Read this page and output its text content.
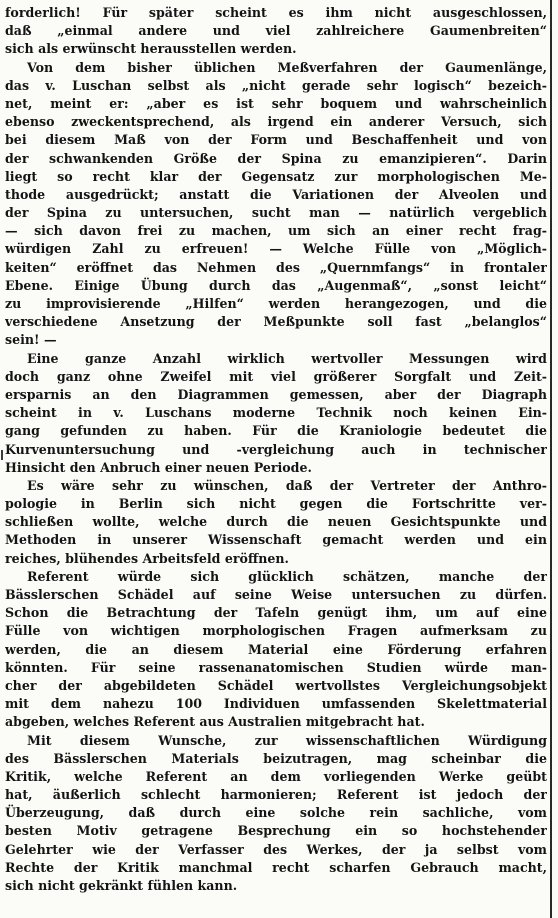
forderlich! Für später scheint es ihm nicht ausgeschlossen,
daß „einmal andere und viel zahlreichere Gaumenbreiten“
sich als erwünscht herausstellen werden.
Von dem bisher üblichen Meßverfahren der Gaumenlänge,
das v. Luschan selbst als „nicht gerade sehr logisch“ bezeich-
net, meint er: „aber es ist sehr boquem und wahrscheinlich
ebenso zweckentsprechend, als irgend ein anderer Versuch, sich
bei diesem Maß von der Form und Beschaffenheit und von
der schwankenden Größe der Spina zu emanzipieren“. Darin
liegt so recht klar der Gegensatz zur morphologischen Me-
thode ausgedrückt; anstatt die Variationen der Alveolen und
der Spina zu untersuchen, sucht man — natürlich vergeblich
— sich davon frei zu machen, um sich an einer recht frag-
würdigen Zahl zu erfreuen! — Welche Fülle von „Möglich-
keiten“ eröffnet das Nehmen des „Quernmfangs“ in frontaler
Ebene. Einige Übung durch das „Augenmaß“, „sonst leicht“
zu improvisierende „Hilfen“ werden herangezogen, und die
verschiedene Ansetzung der Meßpunkte soll fast „belanglos“
sein! —
Eine ganze Anzahl wirklich wertvoller Messungen wird
doch ganz ohne Zweifel mit viel größerer Sorgfalt und Zeit-
ersparnis an den Diagrammen gemessen, aber der Diagraph
scheint in v. Luschans moderne Technik noch keinen Ein-
gang gefunden zu haben. Für die Kraniologie bedeutet die
Kurvenuntersuchung und -vergleichung auch in technischer
Hinsicht den Anbruch einer neuen Periode.
Es wäre sehr zu wünschen, daß der Vertreter der Anthro-
pologie in Berlin sich nicht gegen die Fortschritte ver-
schließen wollte, welche durch die neuen Gesichtspunkte und
Methoden in unserer Wissenschaft gemacht werden und ein
reiches, blühendes Arbeitsfeld eröffnen.
Referent würde sich glücklich schätzen, manche der
Bässlerschen Schädel auf seine Weise untersuchen zu dürfen.
Schon die Betrachtung der Tafeln genügt ihm, um auf eine
Fülle von wichtigen morphologischen Fragen aufmerksam zu
werden, die an diesem Material eine Förderung erfahren
könnten. Für seine rassenanatomischen Studien würde man-
cher der abgebildeten Schädel wertvollstes Vergleichungsobjekt
mit dem nahezu 100 Individuen umfassenden Skelettmaterial
abgeben, welches Referent aus Australien mitgebracht hat.
Mit diesem Wunsche, zur wissenschaftlichen Würdigung
des Bässlerschen Materials beizutragen, mag scheinbar die
Kritik, welche Referent an dem vorliegenden Werke geübt
hat, äußerlich schlecht harmonieren; Referent ist jedoch der
Überzeugung, daß durch eine solche rein sachliche, vom
besten Motiv getragene Besprechung ein so hochstehender
Gelehrter wie der Verfasser des Werkes, der ja selbst vom
Rechte der Kritik manchmal recht scharfen Gebrauch macht,
sich nicht gekränkt fühlen kann.
